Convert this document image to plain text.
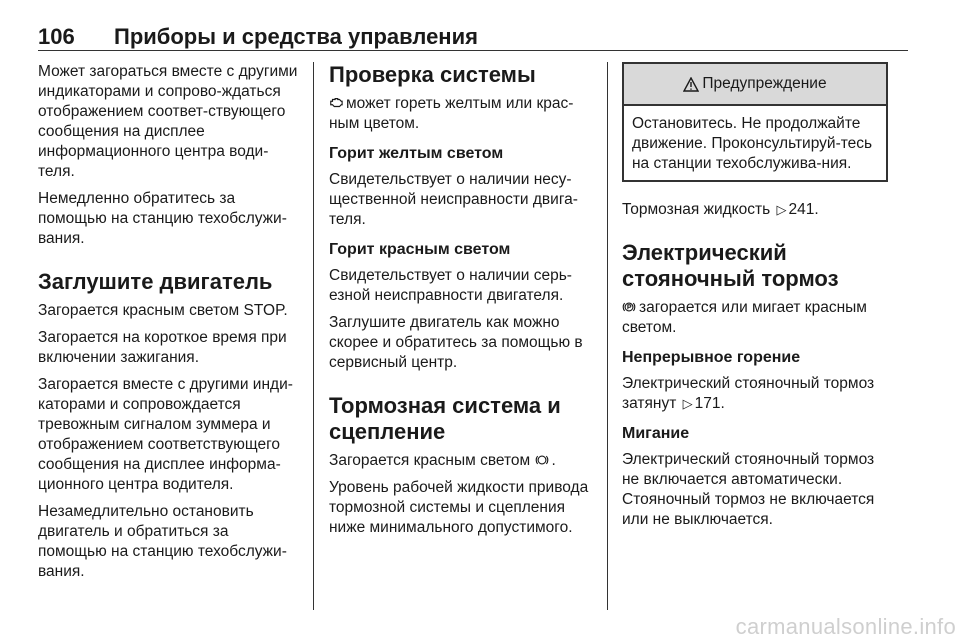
106 Приборы и средства управления

Может загораться вместе с другими индикаторами и сопрово-ждаться отображением соответ-ствующего сообщения на дисплее информационного центра води-теля.

Немедленно обратитесь за помощью на станцию техобслужи-вания.

Заглушите двигатель

Загорается красным светом STOP.

Загорается на короткое время при включении зажигания.

Загорается вместе с другими инди-каторами и сопровождается тревожным сигналом зуммера и отображением соответствующего сообщения на дисплее информа-ционного центра водителя.

Незамедлительно остановить двигатель и обратиться за помощью на станцию техобслужи-вания.

Проверка системы

может гореть желтым или крас-ным цветом.

Горит желтым светом

Свидетельствует о наличии несу-щественной неисправности двига-теля.

Горит красным светом

Свидетельствует о наличии серь-езной неисправности двигателя.

Заглушите двигатель как можно скорее и обратитесь за помощью в сервисный центр.

Тормозная система и сцепление

Загорается красным светом .

Уровень рабочей жидкости привода тормозной системы и сцепления ниже минимального допустимого.

Предупреждение
Остановитесь. Не продолжайте движение. Проконсультируй-тесь на станции техобслужива-ния.

Тормозная жидкость ▷ 241.

Электрический стояночный тормоз

загорается или мигает красным светом.

Непрерывное горение

Электрический стояночный тормоз затянут ▷ 171.

Мигание

Электрический стояночный тормоз не включается автоматически. Стояночный тормоз не включается или не выключается.

carmanualsonline.info
